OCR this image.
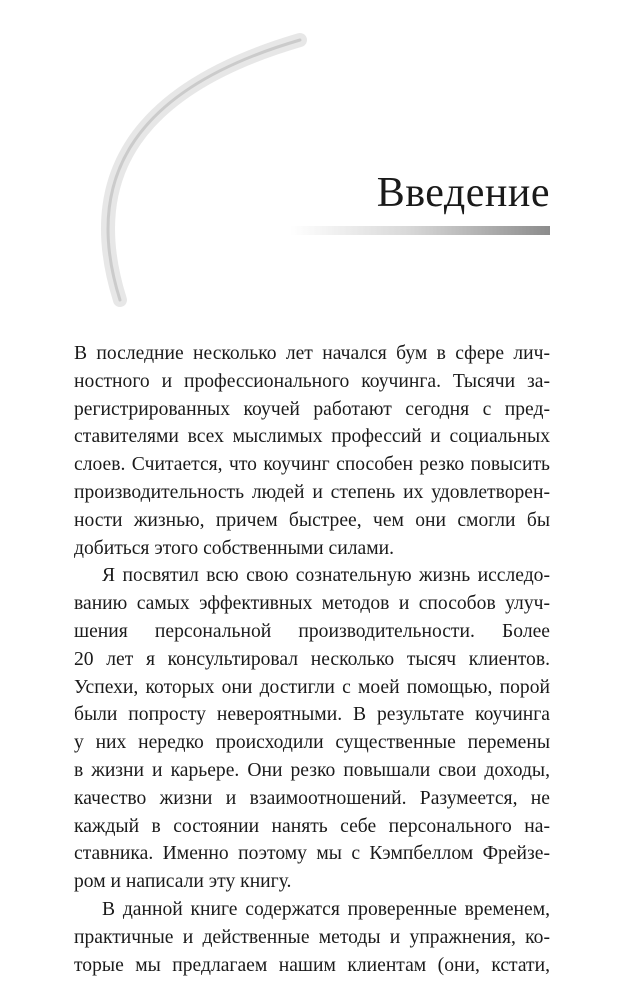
Введение
В последние несколько лет начался бум в сфере лич-
ностного и профессионального коучинга. Тысячи за-
регистрированных коучей работают сегодня с пред-
ставителями всех мыслимых профессий и социальных
слоев. Считается, что коучинг способен резко повысить
производительность людей и степень их удовлетворен-
ности жизнью, причем быстрее, чем они смогли бы
добиться этого собственными силами.
Я посвятил всю свою сознательную жизнь исследо-
ванию самых эффективных методов и способов улуч-
шения персональной производительности. Более
20 лет я консультировал несколько тысяч клиентов.
Успехи, которых они достигли с моей помощью, порой
были попросту невероятными. В результате коучинга
у них нередко происходили существенные перемены
в жизни и карьере. Они резко повышали свои доходы,
качество жизни и взаимоотношений. Разумеется, не
каждый в состоянии нанять себе персонального на-
ставника. Именно поэтому мы с Кэмпбеллом Фрейзе-
ром и написали эту книгу.
В данной книге содержатся проверенные временем,
практичные и действенные методы и упражнения, ко-
торые мы предлагаем нашим клиентам (они, кстати,
